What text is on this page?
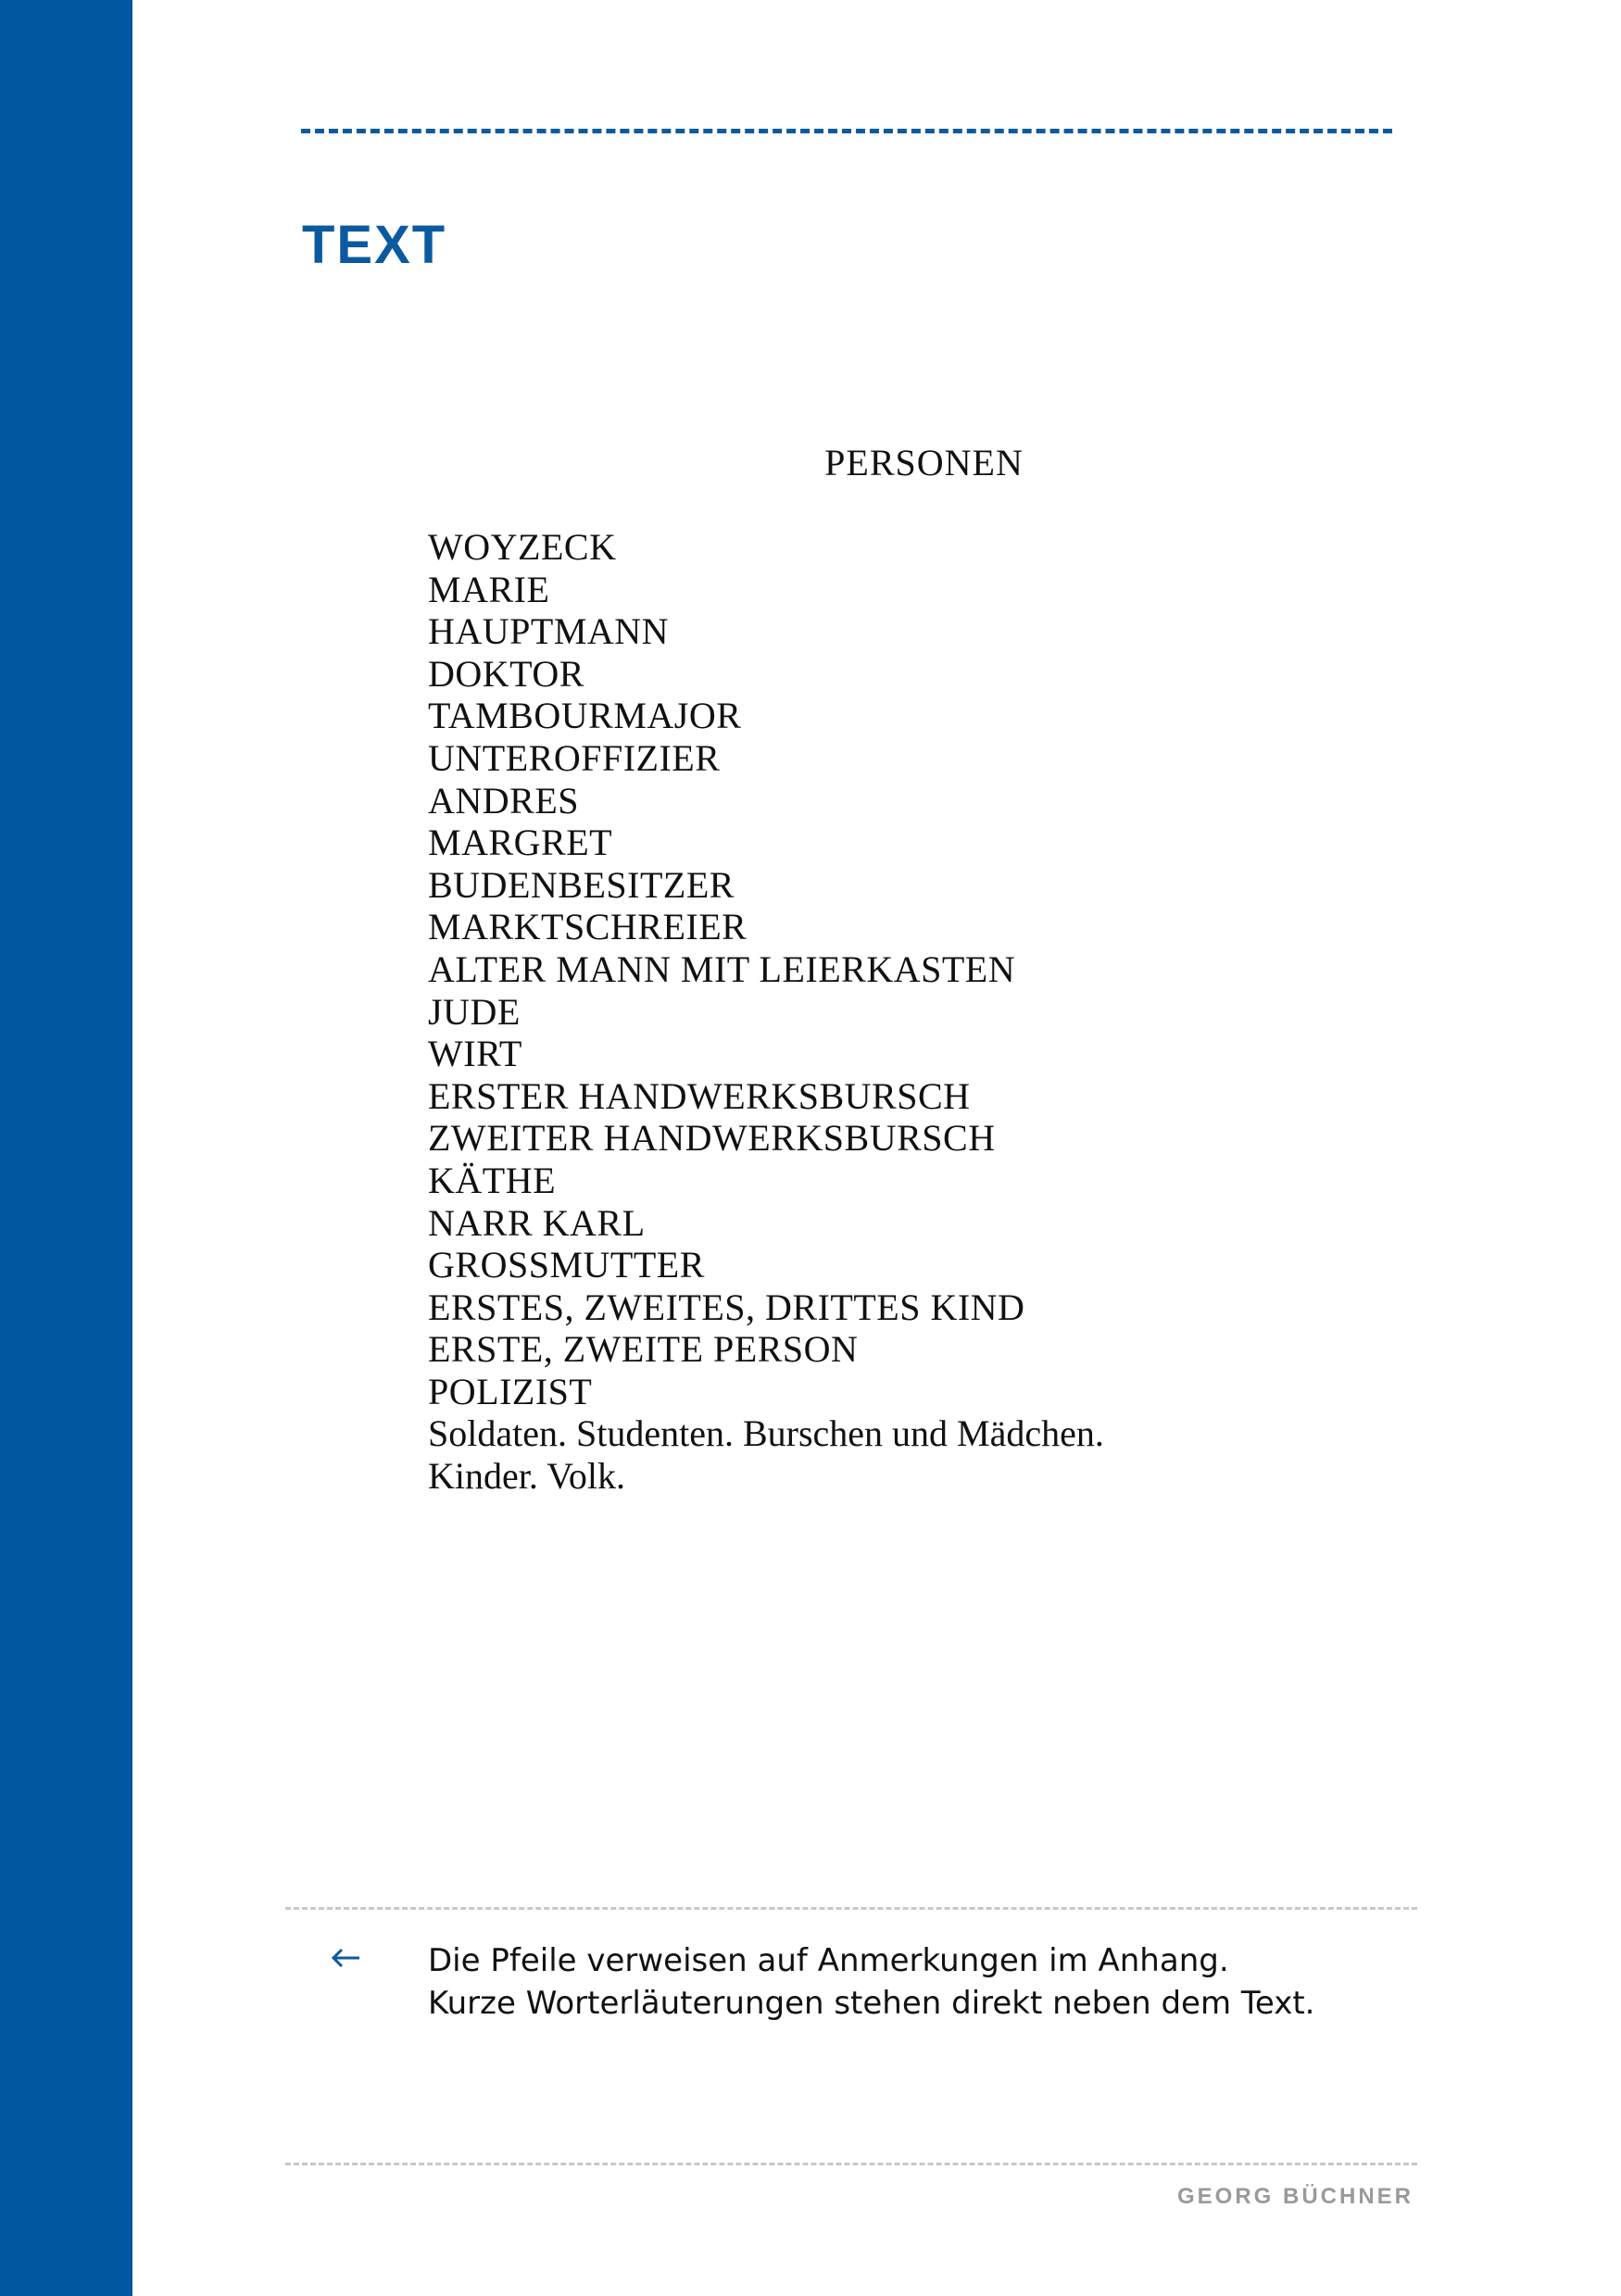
TEXT
PERSONEN
WOYZECK
MARIE
HAUPTMANN
DOKTOR
TAMBOURMAJOR
UNTEROFFIZIER
ANDRES
MARGRET
BUDENBESITZER
MARKTSCHREIER
ALTER MANN MIT LEIERKASTEN
JUDE
WIRT
ERSTER HANDWERKSBURSCH
ZWEITER HANDWERKSBURSCH
KÄTHE
NARR KARL
GROSSMUTTER
ERSTES, ZWEITES, DRITTES KIND
ERSTE, ZWEITE PERSON
POLIZIST
Soldaten. Studenten. Burschen und Mädchen.
Kinder. Volk.
Die Pfeile verweisen auf Anmerkungen im Anhang.
Kurze Worterläuterungen stehen direkt neben dem Text.
GEORG BÜCHNER
